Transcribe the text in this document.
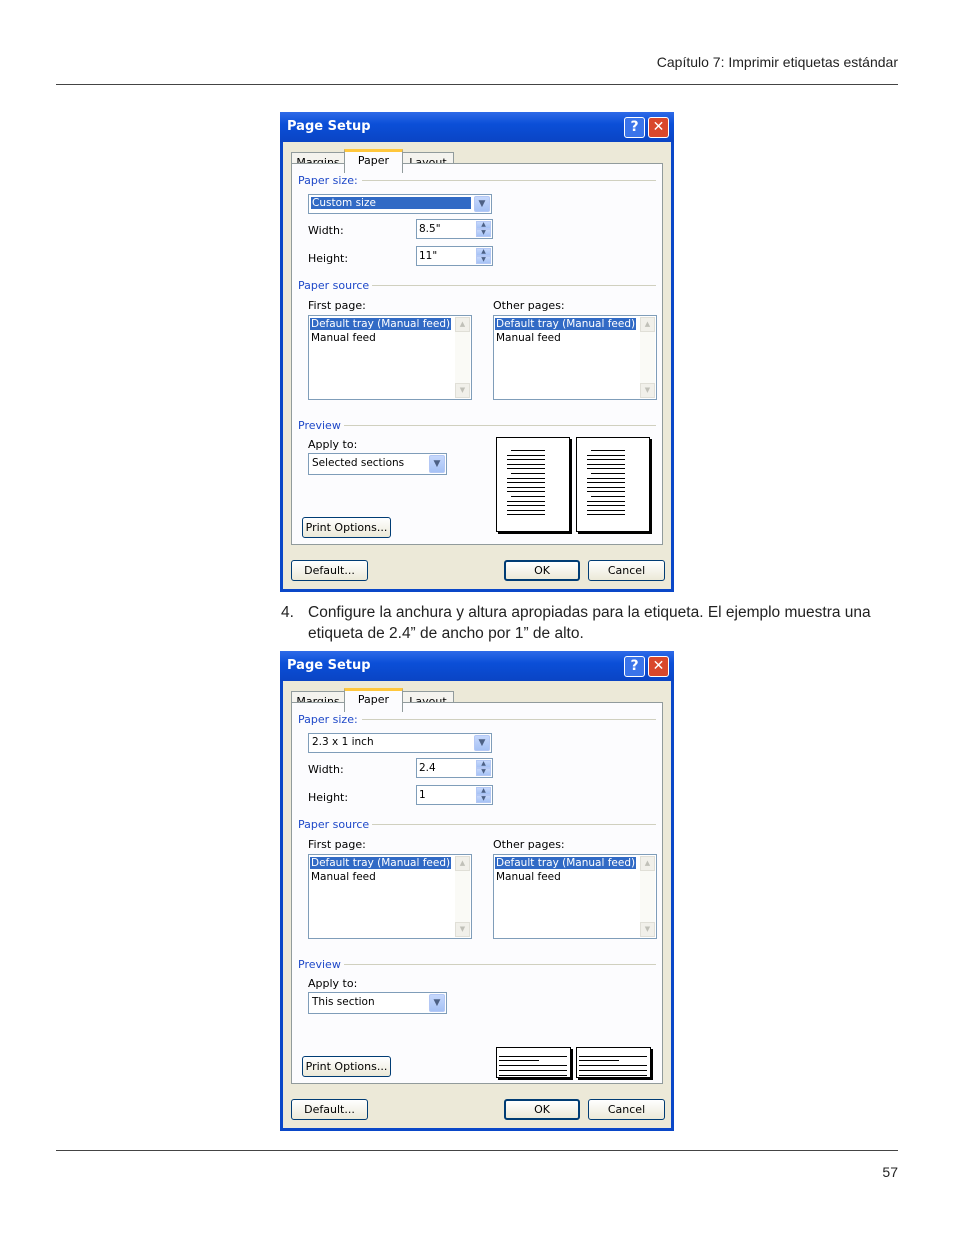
Capítulo 7: Imprimir etiquetas estándar
Page Setup	?	✕
Paper
Paper size:
Custom size	▼
Width:	8.5"	▲
▼
Height:	11"	▲
▼
Paper source
First page:	Other pages:
Default tray (Manual feed)
Manual feed
▲
▼
Default tray (Manual feed)
Manual feed
▲
▼
Preview
Apply to:
Selected sections	▼
Print Options...
Default...	OK	Cancel
4. Configure la anchura y altura apropiadas para la etiqueta. El ejemplo muestra una etiqueta de 2.4” de ancho por 1” de alto.
Page Setup	?	✕
Paper
Paper size:
2.3 x 1 inch	▼
Width:	2.4	▲
▼
Height:	1	▲
▼
Paper source
First page:	Other pages:
Default tray (Manual feed)
Manual feed
▲
▼
Default tray (Manual feed)
Manual feed
▲
▼
Preview
Apply to:
This section	▼
Print Options...
Default...	OK	Cancel
57
